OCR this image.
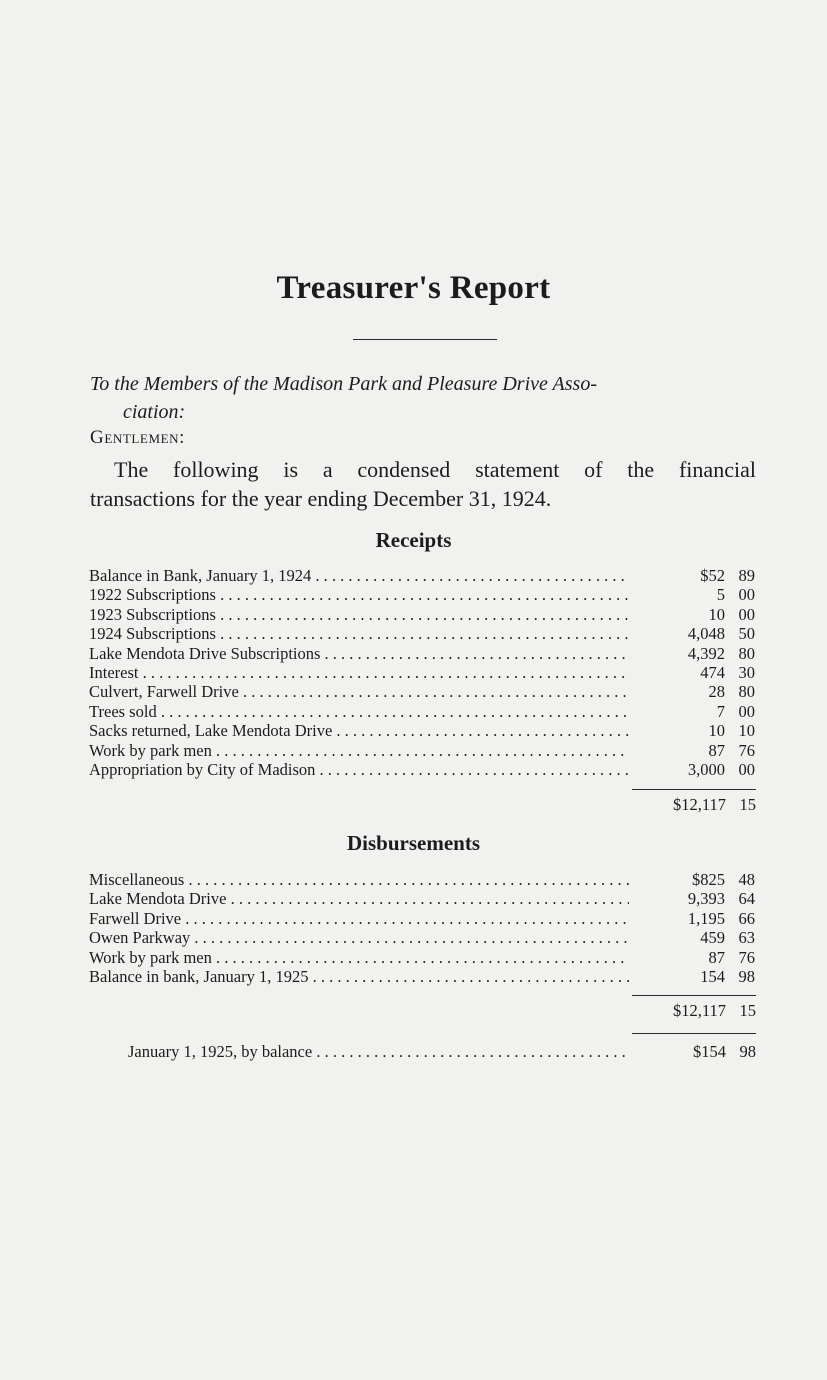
Treasurer's Report
To the Members of the Madison Park and Pleasure Drive Asso-
ciation:
Gentlemen:
The following is a condensed statement of the financial
transactions for the year ending December 31, 1924.
Receipts
Balance in Bank, January 1, 1924 . . .	$52 89
1922 Subscriptions . . .	5 00
1923 Subscriptions . . .	10 00
1924 Subscriptions . . .	4,048 50
Lake Mendota Drive Subscriptions . . .	4,392 80
Interest . . .	474 30
Culvert, Farwell Drive . . .	28 80
Trees sold . . .	7 00
Sacks returned, Lake Mendota Drive . . .	10 10
Work by park men . . .	87 76
Appropriation by City of Madison . . .	3,000 00
$12,117 15
Disbursements
Miscellaneous . . .	$825 48
Lake Mendota Drive . . .	9,393 64
Farwell Drive . . .	1,195 66
Owen Parkway . . .	459 63
Work by park men . . .	87 76
Balance in bank, January 1, 1925 . . .	154 98
$12,117 15
January 1, 1925, by balance . . .	$154 98
